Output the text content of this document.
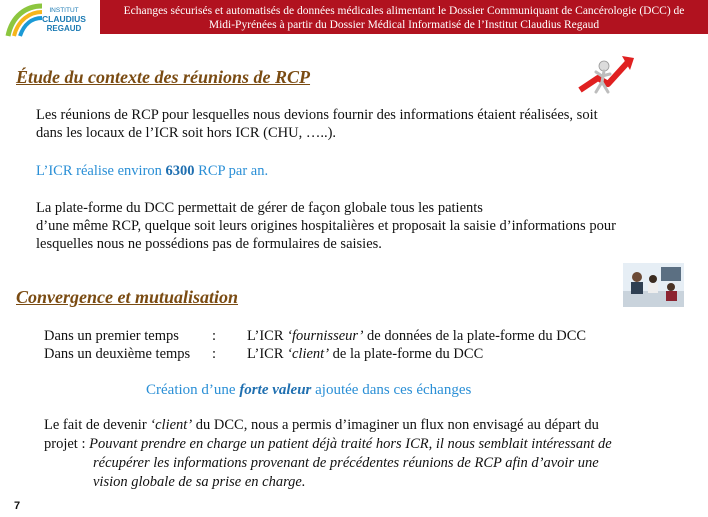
INSTITUT
CLAUDIUS
REGAUD
Echanges sécurisés et automatisés de données médicales alimentant le Dossier Communiquant de Cancérologie (DCC) de
Midi-Pyrénées à partir du Dossier Médical Informatisé de l’Institut Claudius Regaud
Étude du contexte des réunions de RCP
Les réunions de RCP pour lesquelles nous devions fournir des informations étaient réalisées, soit
dans les locaux de l’ICR soit hors ICR (CHU, …..).
L’ICR réalise environ 6300 RCP par an.
La plate-forme du DCC permettait de gérer de façon globale tous les patients
d’une même RCP, quelque soit leurs origines hospitalières et proposait la saisie d’informations pour
lesquelles nous ne possédions pas de formulaires de saisies.
Convergence et mutualisation
Dans un premier temps : L’ICR ‘fournisseur’ de données de la plate-forme du DCC
Dans un deuxième temps : L’ICR ‘client’ de la plate-forme du DCC
Création d’une forte valeur ajoutée dans ces échanges
Le fait de devenir ‘client’ du DCC, nous a permis d’imaginer un flux non envisagé au départ du
projet : Pouvant prendre en charge un patient déjà traité hors ICR, il nous semblait intéressant de
récupérer les informations provenant de précédentes réunions de RCP afin d’avoir une
vision globale de sa prise en charge.
7
